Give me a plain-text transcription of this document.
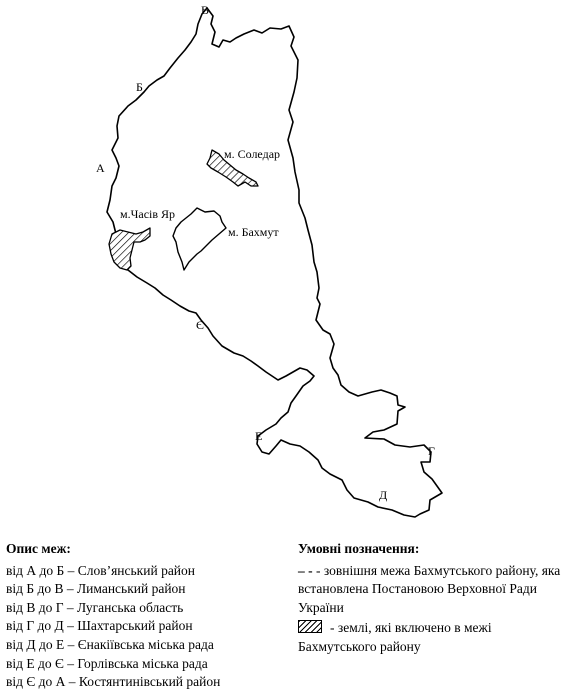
А
Б
В
Г
Д
Е
Є
м. Соледар
м.Часів Яр
м. Бахмут
Опис меж:
від А до Б – Слов’янський район
від Б до В – Лиманський район
від В до Г – Луганська область
від Г до Д – Шахтарський район
від Д до Е – Єнакіївська міська рада
від Е до Є – Горлівська міська рада
від Є до А – Костянтинівський район
Умовні позначення:
– - - зовнішня межа Бахмутського району, яка встановлена Постановою Верховної Ради України
- землі, які включено в межі Бахмутського району
